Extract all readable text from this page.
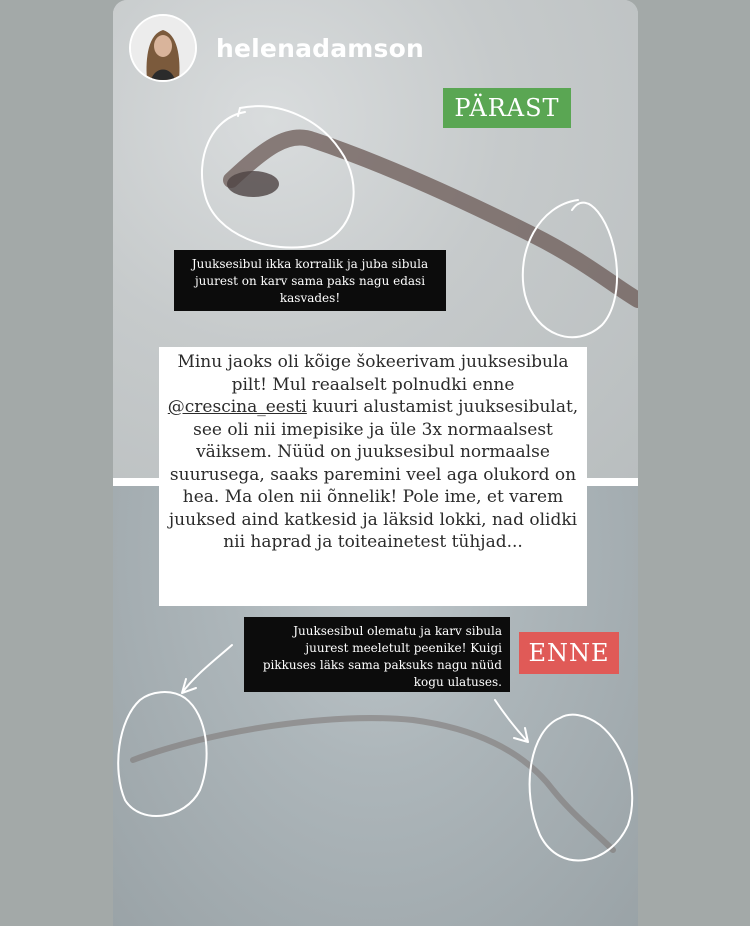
helenadamson
PÄRAST
ENNE
Juuksesibul ikka korralik ja juba sibula juurest on karv sama paks nagu edasi kasvades!
Juuksesibul olematu ja karv sibula juurest meeletult peenike! Kuigi pikkuses läks sama paksuks nagu nüüd kogu ulatuses.
Minu jaoks oli kõige šokeerivam juuksesibula pilt! Mul reaalselt polnudki enne @crescina_eesti kuuri alustamist juuksesibulat, see oli nii imepisike ja üle 3x normaalsest väiksem. Nüüd on juuksesibul normaalse suurusega, saaks paremini veel aga olukord on hea. Ma olen nii õnnelik! Pole ime, et varem juuksed aind katkesid ja läksid lokki, nad olidki nii haprad ja toiteainetest tühjad...
